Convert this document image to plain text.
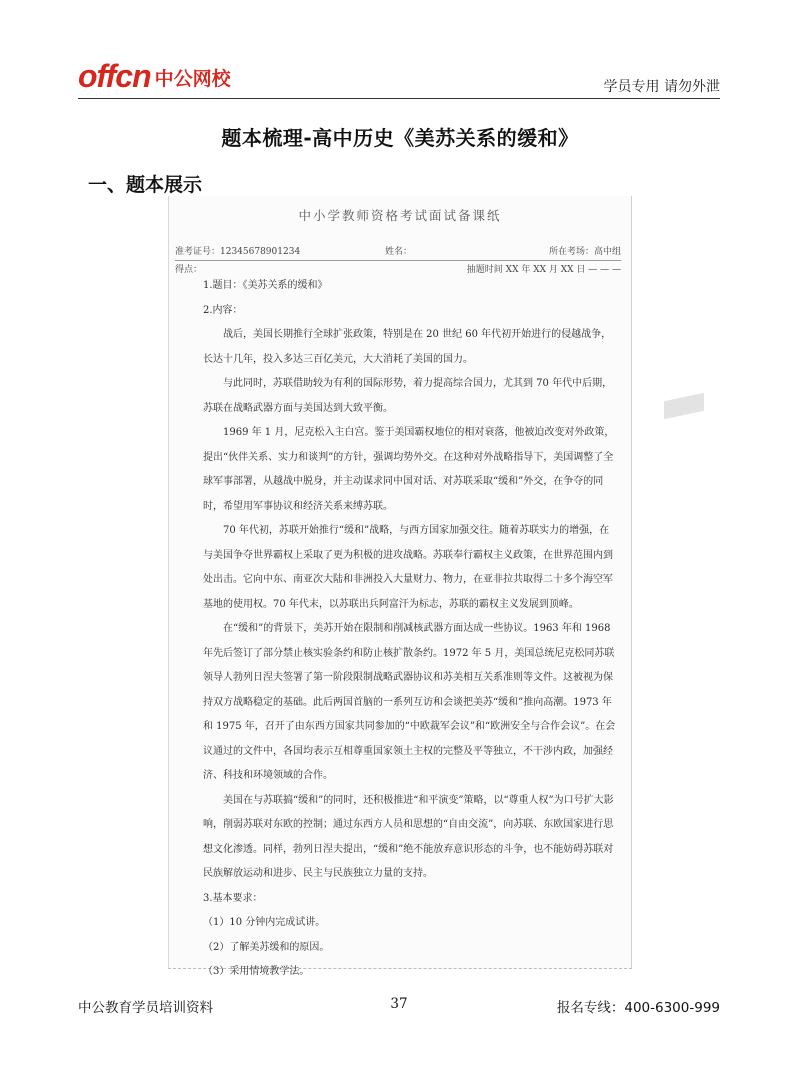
offcn 中公网校	学员专用 请勿外泄
题本梳理-高中历史《美苏关系的缓和》
一、题本展示
中小学教师资格考试面试备课纸
准考证号：12345678901234	姓名：	所在考场：高中组
得点：	抽题时间 XX 年 XX 月 XX 日 — — —

1.题目：《美苏关系的缓和》

2.内容：

战后，美国长期推行全球扩张政策，特别是在 20 世纪 60 年代初开始进行的侵越战争，长达十几年，投入多达三百亿美元，大大消耗了美国的国力。

与此同时，苏联借助较为有利的国际形势，着力提高综合国力，尤其到 70 年代中后期，苏联在战略武器方面与美国达到大致平衡。

1969 年 1 月，尼克松入主白宫。鉴于美国霸权地位的相对衰落，他被迫改变对外政策，提出“伙伴关系、实力和谈判”的方针，强调均势外交。在这种对外战略指导下，美国调整了全球军事部署，从越战中脱身，并主动谋求同中国对话、对苏联采取“缓和”外交，在争夺的同时，希望用军事协议和经济关系来缚苏联。

70 年代初，苏联开始推行“缓和”战略，与西方国家加强交往。随着苏联实力的增强，在与美国争夺世界霸权上采取了更为积极的进攻战略。苏联奉行霸权主义政策，在世界范围内到处出击。它向中东、南亚次大陆和非洲投入大量财力、物力，在亚非拉共取得二十多个海空军基地的使用权。70 年代末，以苏联出兵阿富汗为标志，苏联的霸权主义发展到顶峰。

在“缓和”的背景下，美苏开始在限制和削减核武器方面达成一些协议。1963 年和 1968 年先后签订了部分禁止核实验条约和防止核扩散条约。1972 年 5 月，美国总统尼克松同苏联领导人勃列日涅夫签署了第一阶段限制战略武器协议和苏美相互关系准则等文件。这被视为保持双方战略稳定的基础。此后两国首脑的一系列互访和会谈把美苏“缓和”推向高潮。1973 年和 1975 年，召开了由东西方国家共同参加的“中欧裁军会议”和“欧洲安全与合作会议”。在会议通过的文件中，各国均表示互相尊重国家领土主权的完整及平等独立，不干涉内政，加强经济、科技和环境领域的合作。

美国在与苏联搞“缓和”的同时，还积极推进“和平演变”策略，以“尊重人权”为口号扩大影响，削弱苏联对东欧的控制；通过东西方人员和思想的“自由交流”，向苏联、东欧国家进行思想文化渗透。同样，勃列日涅夫提出，“缓和”绝不能放弃意识形态的斗争，也不能妨碍苏联对民族解放运动和进步、民主与民族独立力量的支持。

3.基本要求：

（1）10 分钟内完成试讲。

（2）了解美苏缓和的原因。

（3）采用情境教学法。

中公教育学员培训资料	37	报名专线：400-6300-999
